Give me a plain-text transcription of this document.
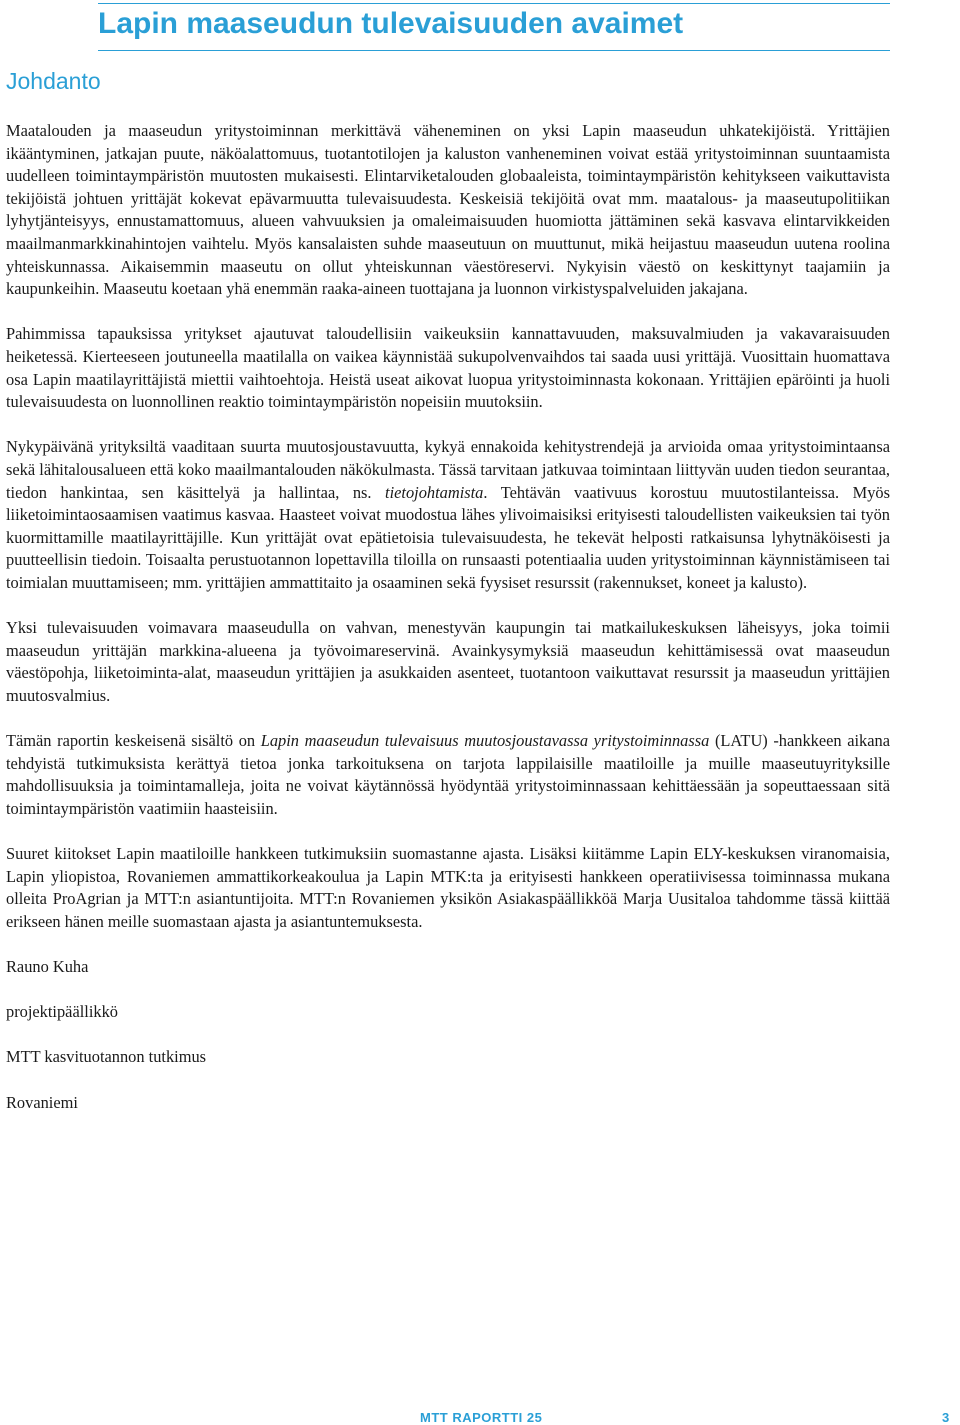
Lapin maaseudun tulevaisuuden avaimet
Johdanto

Maatalouden ja maaseudun yritystoiminnan merkittävä väheneminen on yksi Lapin maaseudun uhkatekijöistä. Yrittäjien ikääntyminen, jatkajan puute, näköalattomuus, tuotantotilojen ja kaluston vanheneminen voivat estää yritystoiminnan suuntaamista uudelleen toimintaympäristön muutosten mukaisesti. Elintarviketalouden globaaleista, toimintaympäristön kehitykseen vaikuttavista tekijöistä johtuen yrittäjät kokevat epävarmuutta tulevaisuudesta. Keskeisiä tekijöitä ovat mm. maatalous- ja maaseutupolitiikan lyhytjänteisyys, ennustamattomuus, alueen vahvuuksien ja omaleimaisuuden huomiotta jättäminen sekä kasvava elintarvikkeiden maailmanmarkkinahintojen vaihtelu. Myös kansalaisten suhde maaseutuun on muuttunut, mikä heijastuu maaseudun uutena roolina yhteiskunnassa. Aikaisemmin maaseutu on ollut yhteiskunnan väestöreservi. Nykyisin väestö on keskittynyt taajamiin ja kaupunkeihin. Maaseutu koetaan yhä enemmän raaka-aineen tuottajana ja luonnon virkistyspalveluiden jakajana.

Pahimmissa tapauksissa yritykset ajautuvat taloudellisiin vaikeuksiin kannattavuuden, maksuvalmiuden ja vakavaraisuuden heiketessä. Kierteeseen joutuneella maatilalla on vaikea käynnistää sukupolvenvaihdos tai saada uusi yrittäjä. Vuosittain huomattava osa Lapin maatilayrittäjistä miettii vaihtoehtoja. Heistä useat aikovat luopua yritystoiminnasta kokonaan. Yrittäjien epäröinti ja huoli tulevaisuudesta on luonnollinen reaktio toimintaympäristön nopeisiin muutoksiin.

Nykypäivänä yrityksiltä vaaditaan suurta muutosjoustavuutta, kykyä ennakoida kehitystrendejä ja arvioida omaa yritystoimintaansa sekä lähitalousalueen että koko maailmantalouden näkökulmasta. Tässä tarvitaan jatkuvaa toimintaan liittyvän uuden tiedon seurantaa, tiedon hankintaa, sen käsittelyä ja hallintaa, ns. tietojohtamista. Tehtävän vaativuus korostuu muutostilanteissa. Myös liiketoimintaosaamisen vaatimus kasvaa. Haasteet voivat muodostua lähes ylivoimaisiksi erityisesti taloudellisten vaikeuksien tai työn kuormittamille maatilayrittäjille. Kun yrittäjät ovat epätietoisia tulevaisuudesta, he tekevät helposti ratkaisunsa lyhytnäköisesti ja puutteellisin tiedoin. Toisaalta perustuotannon lopettavilla tiloilla on runsaasti potentiaalia uuden yritystoiminnan käynnistämiseen tai toimialan muuttamiseen; mm. yrittäjien ammattitaito ja osaaminen sekä fyysiset resurssit (rakennukset, koneet ja kalusto).

Yksi tulevaisuuden voimavara maaseudulla on vahvan, menestyvän kaupungin tai matkailukeskuksen läheisyys, joka toimii maaseudun yrittäjän markkina-alueena ja työvoimareservinä. Avainkysymyksiä maaseudun kehittämisessä ovat maaseudun väestöpohja, liiketoiminta-alat, maaseudun yrittäjien ja asukkaiden asenteet, tuotantoon vaikuttavat resurssit ja maaseudun yrittäjien muutosvalmius.

Tämän raportin keskeisenä sisältö on Lapin maaseudun tulevaisuus muutosjoustavassa yritystoiminnassa (LATU) -hankkeen aikana tehdyistä tutkimuksista kerättyä tietoa jonka tarkoituksena on tarjota lappilaisille maatiloille ja muille maaseutuyrityksille mahdollisuuksia ja toimintamalleja, joita ne voivat käytännössä hyödyntää yritystoiminnassaan kehittäessään ja sopeuttaessaan sitä toimintaympäristön vaatimiin haasteisiin.

Suuret kiitokset Lapin maatiloille hankkeen tutkimuksiin suomastanne ajasta. Lisäksi kiitämme Lapin ELY-keskuksen viranomaisia, Lapin yliopistoa, Rovaniemen ammattikorkeakoulua ja Lapin MTK:ta ja erityisesti hankkeen operatiivisessa toiminnassa mukana olleita ProAgrian ja MTT:n asiantuntijoita. MTT:n Rovaniemen yksikön Asiakaspäällikköä Marja Uusitaloa tahdomme tässä kiittää erikseen hänen meille suomastaan ajasta ja asiantuntemuksesta.

Rauno Kuha

projektipäällikkö

MTT kasvituotannon tutkimus

Rovaniemi

MTT RAPORTTI 25	3
